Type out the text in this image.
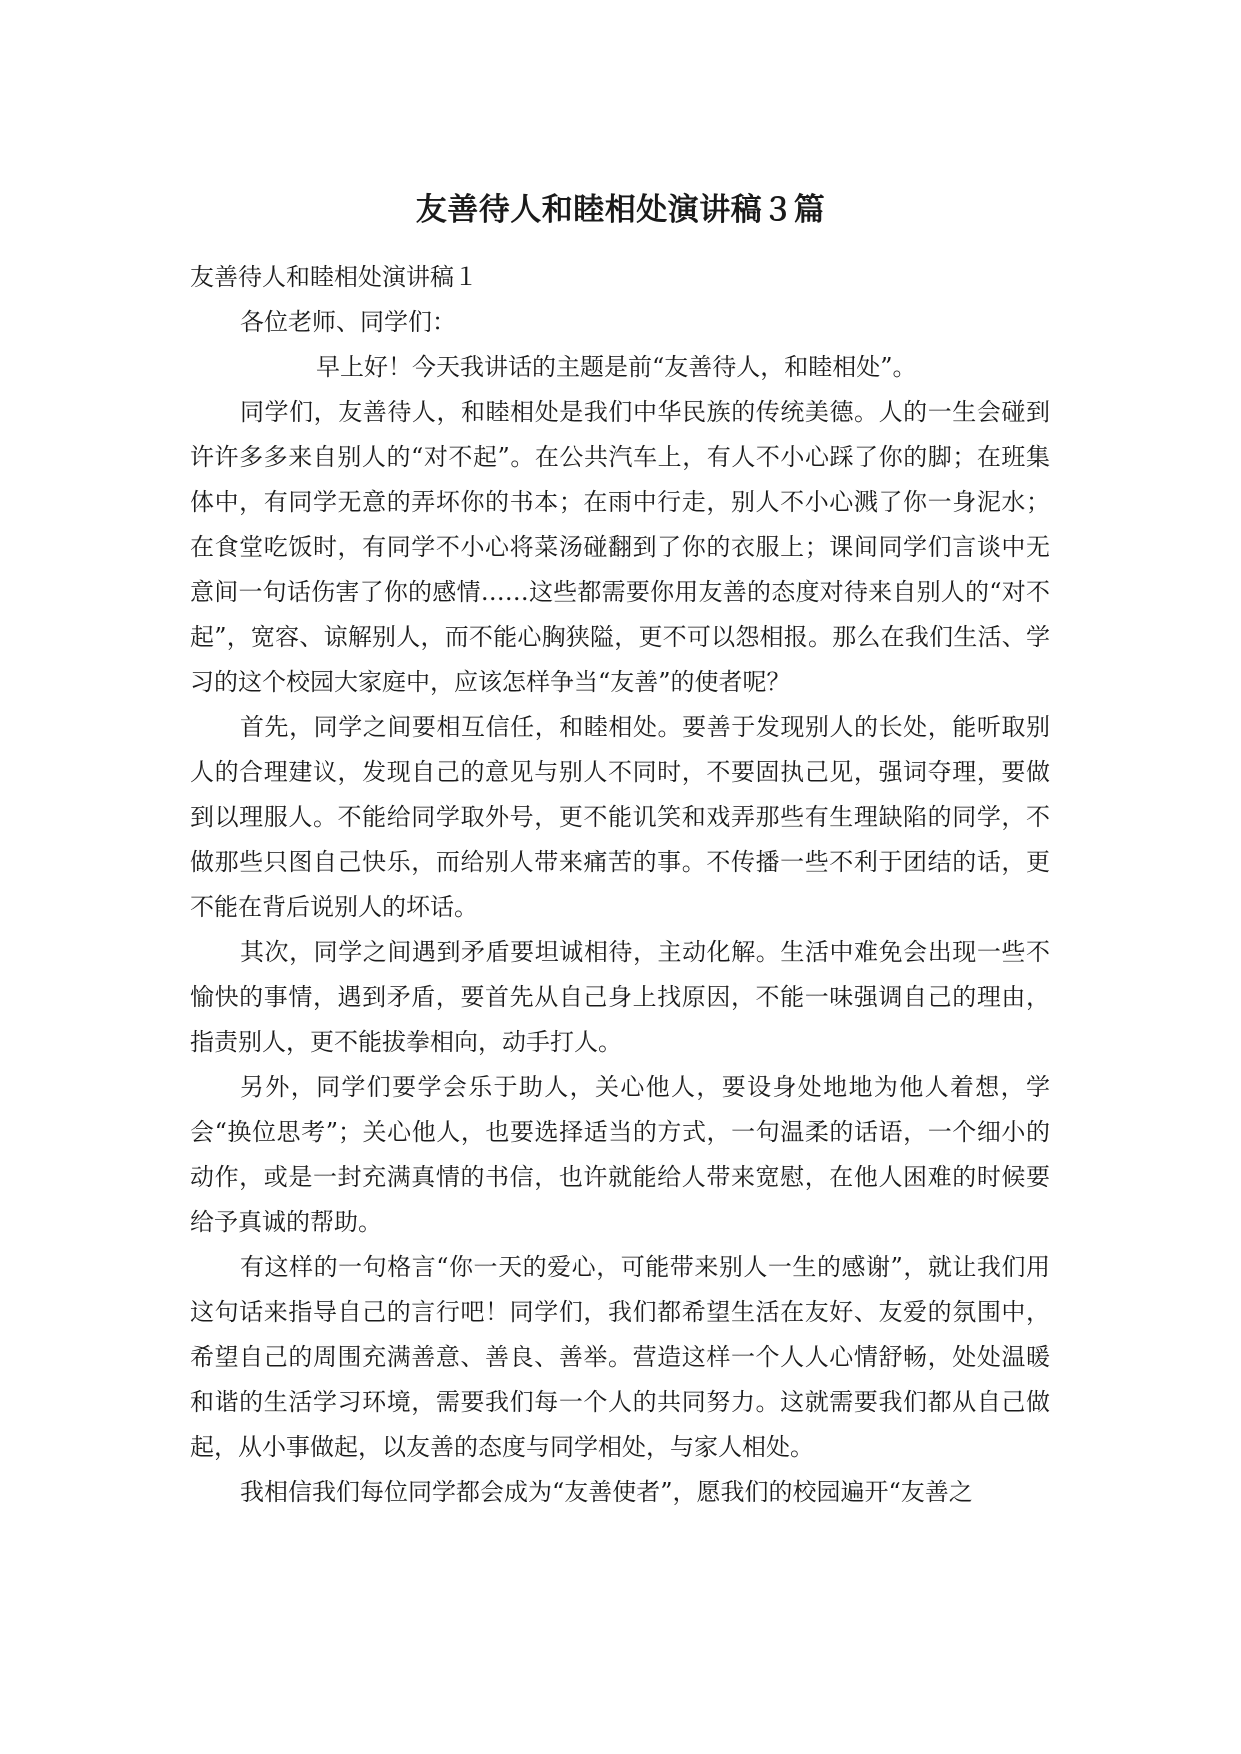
友善待人和睦相处演讲稿３篇
友善待人和睦相处演讲稿１

各位老师、同学们：

早上好！今天我讲话的主题是前“友善待人，和睦相处”。

同学们，友善待人，和睦相处是我们中华民族的传统美德。人的一生会碰到许许多多来自别人的“对不起”。在公共汽车上，有人不小心踩了你的脚；在班集体中，有同学无意的弄坏你的书本；在雨中行走，别人不小心溅了你一身泥水；在食堂吃饭时，有同学不小心将菜汤碰翻到了你的衣服上；课间同学们言谈中无意间一句话伤害了你的感情……这些都需要你用友善的态度对待来自别人的“对不起”，宽容、谅解别人，而不能心胸狭隘，更不可以怨相报。那么在我们生活、学习的这个校园大家庭中，应该怎样争当“友善”的使者呢？

首先，同学之间要相互信任，和睦相处。要善于发现别人的长处，能听取别人的合理建议，发现自己的意见与别人不同时，不要固执己见，强词夺理，要做到以理服人。不能给同学取外号，更不能讥笑和戏弄那些有生理缺陷的同学，不做那些只图自己快乐，而给别人带来痛苦的事。不传播一些不利于团结的话，更不能在背后说别人的坏话。

其次，同学之间遇到矛盾要坦诚相待，主动化解。生活中难免会出现一些不愉快的事情，遇到矛盾，要首先从自己身上找原因，不能一味强调自己的理由，指责别人，更不能拔拳相向，动手打人。

另外，同学们要学会乐于助人，关心他人，要设身处地地为他人着想，学会“换位思考”；关心他人，也要选择适当的方式，一句温柔的话语，一个细小的动作，或是一封充满真情的书信，也许就能给人带来宽慰，在他人困难的时候要给予真诚的帮助。

有这样的一句格言“你一天的爱心，可能带来别人一生的感谢”，就让我们用这句话来指导自己的言行吧！同学们，我们都希望生活在友好、友爱的氛围中，希望自己的周围充满善意、善良、善举。营造这样一个人人心情舒畅，处处温暖和谐的生活学习环境，需要我们每一个人的共同努力。这就需要我们都从自己做起，从小事做起，以友善的态度与同学相处，与家人相处。

我相信我们每位同学都会成为“友善使者”，愿我们的校园遍开“友善之
